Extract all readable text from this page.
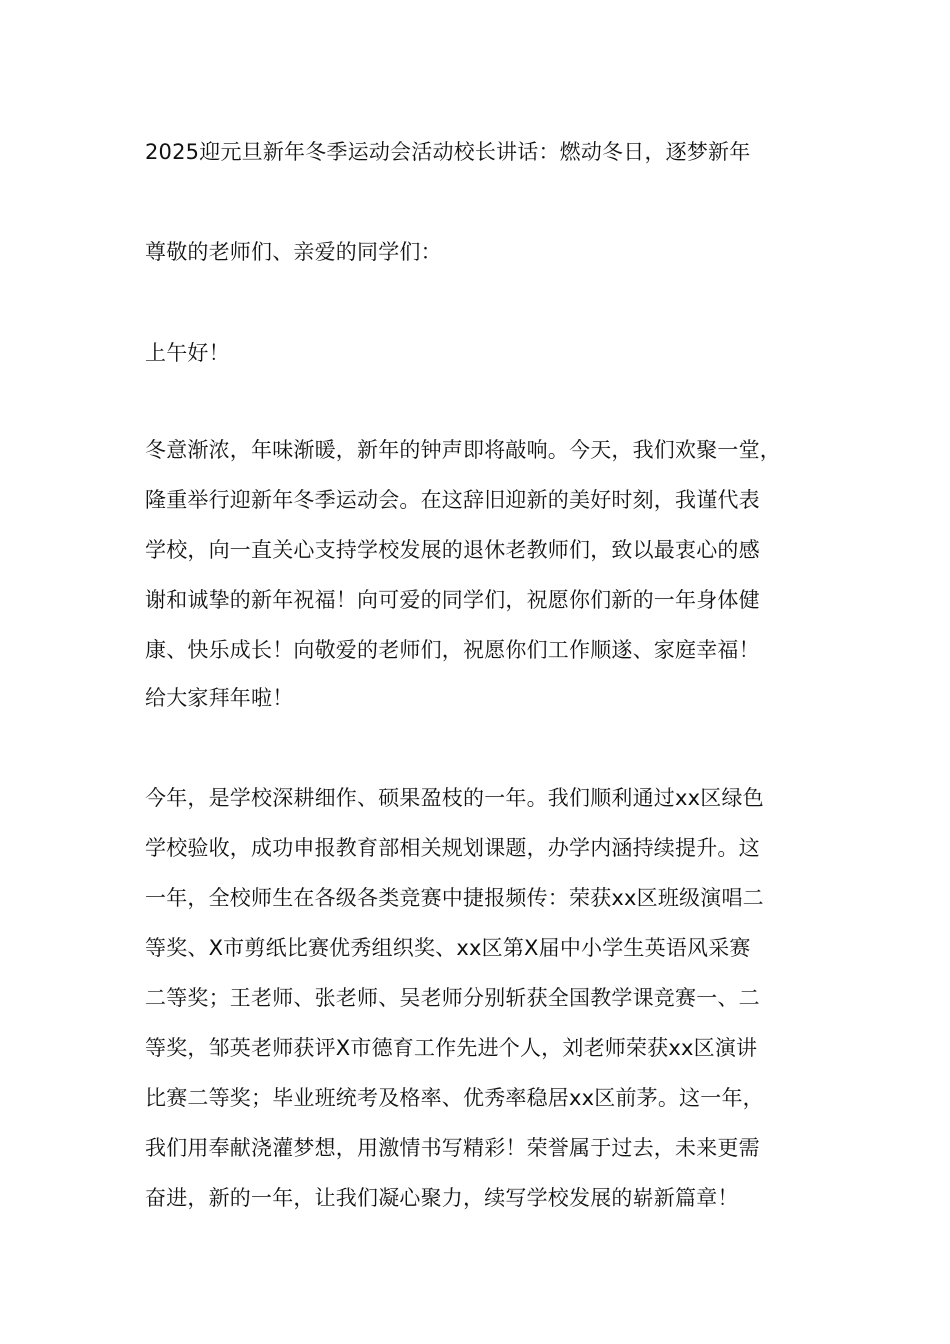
2025迎元旦新年冬季运动会活动校长讲话：燃动冬日，逐梦新年
尊敬的老师们、亲爱的同学们：
上午好！
冬意渐浓，年味渐暖，新年的钟声即将敲响。今天，我们欢聚一堂，
隆重举行迎新年冬季运动会。在这辞旧迎新的美好时刻，我谨代表
学校，向一直关心支持学校发展的退休老教师们，致以最衷心的感
谢和诚挚的新年祝福！向可爱的同学们，祝愿你们新的一年身体健
康、快乐成长！向敬爱的老师们，祝愿你们工作顺遂、家庭幸福！
给大家拜年啦！
今年，是学校深耕细作、硕果盈枝的一年。我们顺利通过xx区绿色
学校验收，成功申报教育部相关规划课题，办学内涵持续提升。这
一年，全校师生在各级各类竞赛中捷报频传：荣获xx区班级演唱二
等奖、X市剪纸比赛优秀组织奖、xx区第X届中小学生英语风采赛
二等奖；王老师、张老师、吴老师分别斩获全国教学课竞赛一、二
等奖，邹英老师获评X市德育工作先进个人，刘老师荣获xx区演讲
比赛二等奖；毕业班统考及格率、优秀率稳居xx区前茅。这一年，
我们用奉献浇灌梦想，用激情书写精彩！荣誉属于过去，未来更需
奋进，新的一年，让我们凝心聚力，续写学校发展的崭新篇章！
